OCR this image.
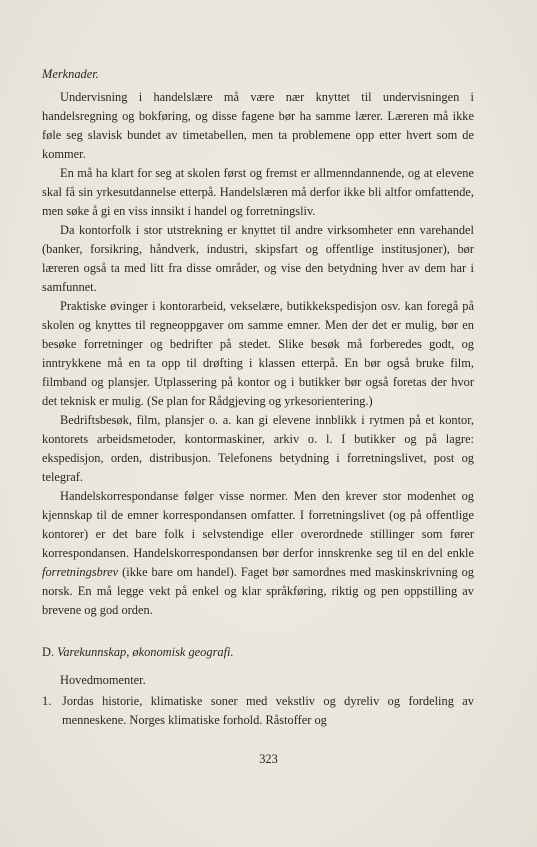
Merknader.

Undervisning i handelslære må være nær knyttet til undervisningen i handelsregning og bokføring, og disse fagene bør ha samme lærer. Læreren må ikke føle seg slavisk bundet av timetabellen, men ta problemene opp etter hvert som de kommer.

En må ha klart for seg at skolen først og fremst er allmenndannende, og at elevene skal få sin yrkesutdannelse etterpå. Handelslæren må derfor ikke bli altfor omfattende, men søke å gi en viss innsikt i handel og forretningsliv.

Da kontorfolk i stor utstrekning er knyttet til andre virksomheter enn varehandel (banker, forsikring, håndverk, industri, skipsfart og offentlige institusjoner), bør læreren også ta med litt fra disse områder, og vise den betydning hver av dem har i samfunnet.

Praktiske øvinger i kontorarbeid, vekselære, butikkekspedisjon osv. kan foregå på skolen og knyttes til regneoppgaver om samme emner. Men der det er mulig, bør en besøke forretninger og bedrifter på stedet. Slike besøk må forberedes godt, og inntrykkene må en ta opp til drøfting i klassen etterpå. En bør også bruke film, filmband og plansjer. Utplassering på kontor og i butikker bør også foretas der hvor det teknisk er mulig. (Se plan for Rådgjeving og yrkesorientering.)

Bedriftsbesøk, film, plansjer o. a. kan gi elevene innblikk i rytmen på et kontor, kontorets arbeidsmetoder, kontormaskiner, arkiv o. l. I butikker og på lagre: ekspedisjon, orden, distribusjon. Telefonens betydning i forretningslivet, post og telegraf.

Handelskorrespondanse følger visse normer. Men den krever stor modenhet og kjennskap til de emner korrespondansen omfatter. I forretningslivet (og på offentlige kontorer) er det bare folk i selvstendige eller overordnede stillinger som fører korrespondansen. Handelskorrespondansen bør derfor innskrenke seg til en del enkle forretningsbrev (ikke bare om handel). Faget bør samordnes med maskinskrivning og norsk. En må legge vekt på enkel og klar språkføring, riktig og pen oppstilling av brevene og god orden.

D. Varekunnskap, økonomisk geografi.

Hovedmomenter.

1. Jordas historie, klimatiske soner med vekstliv og dyreliv og fordeling av menneskene. Norges klimatiske forhold. Råstoffer og

323
